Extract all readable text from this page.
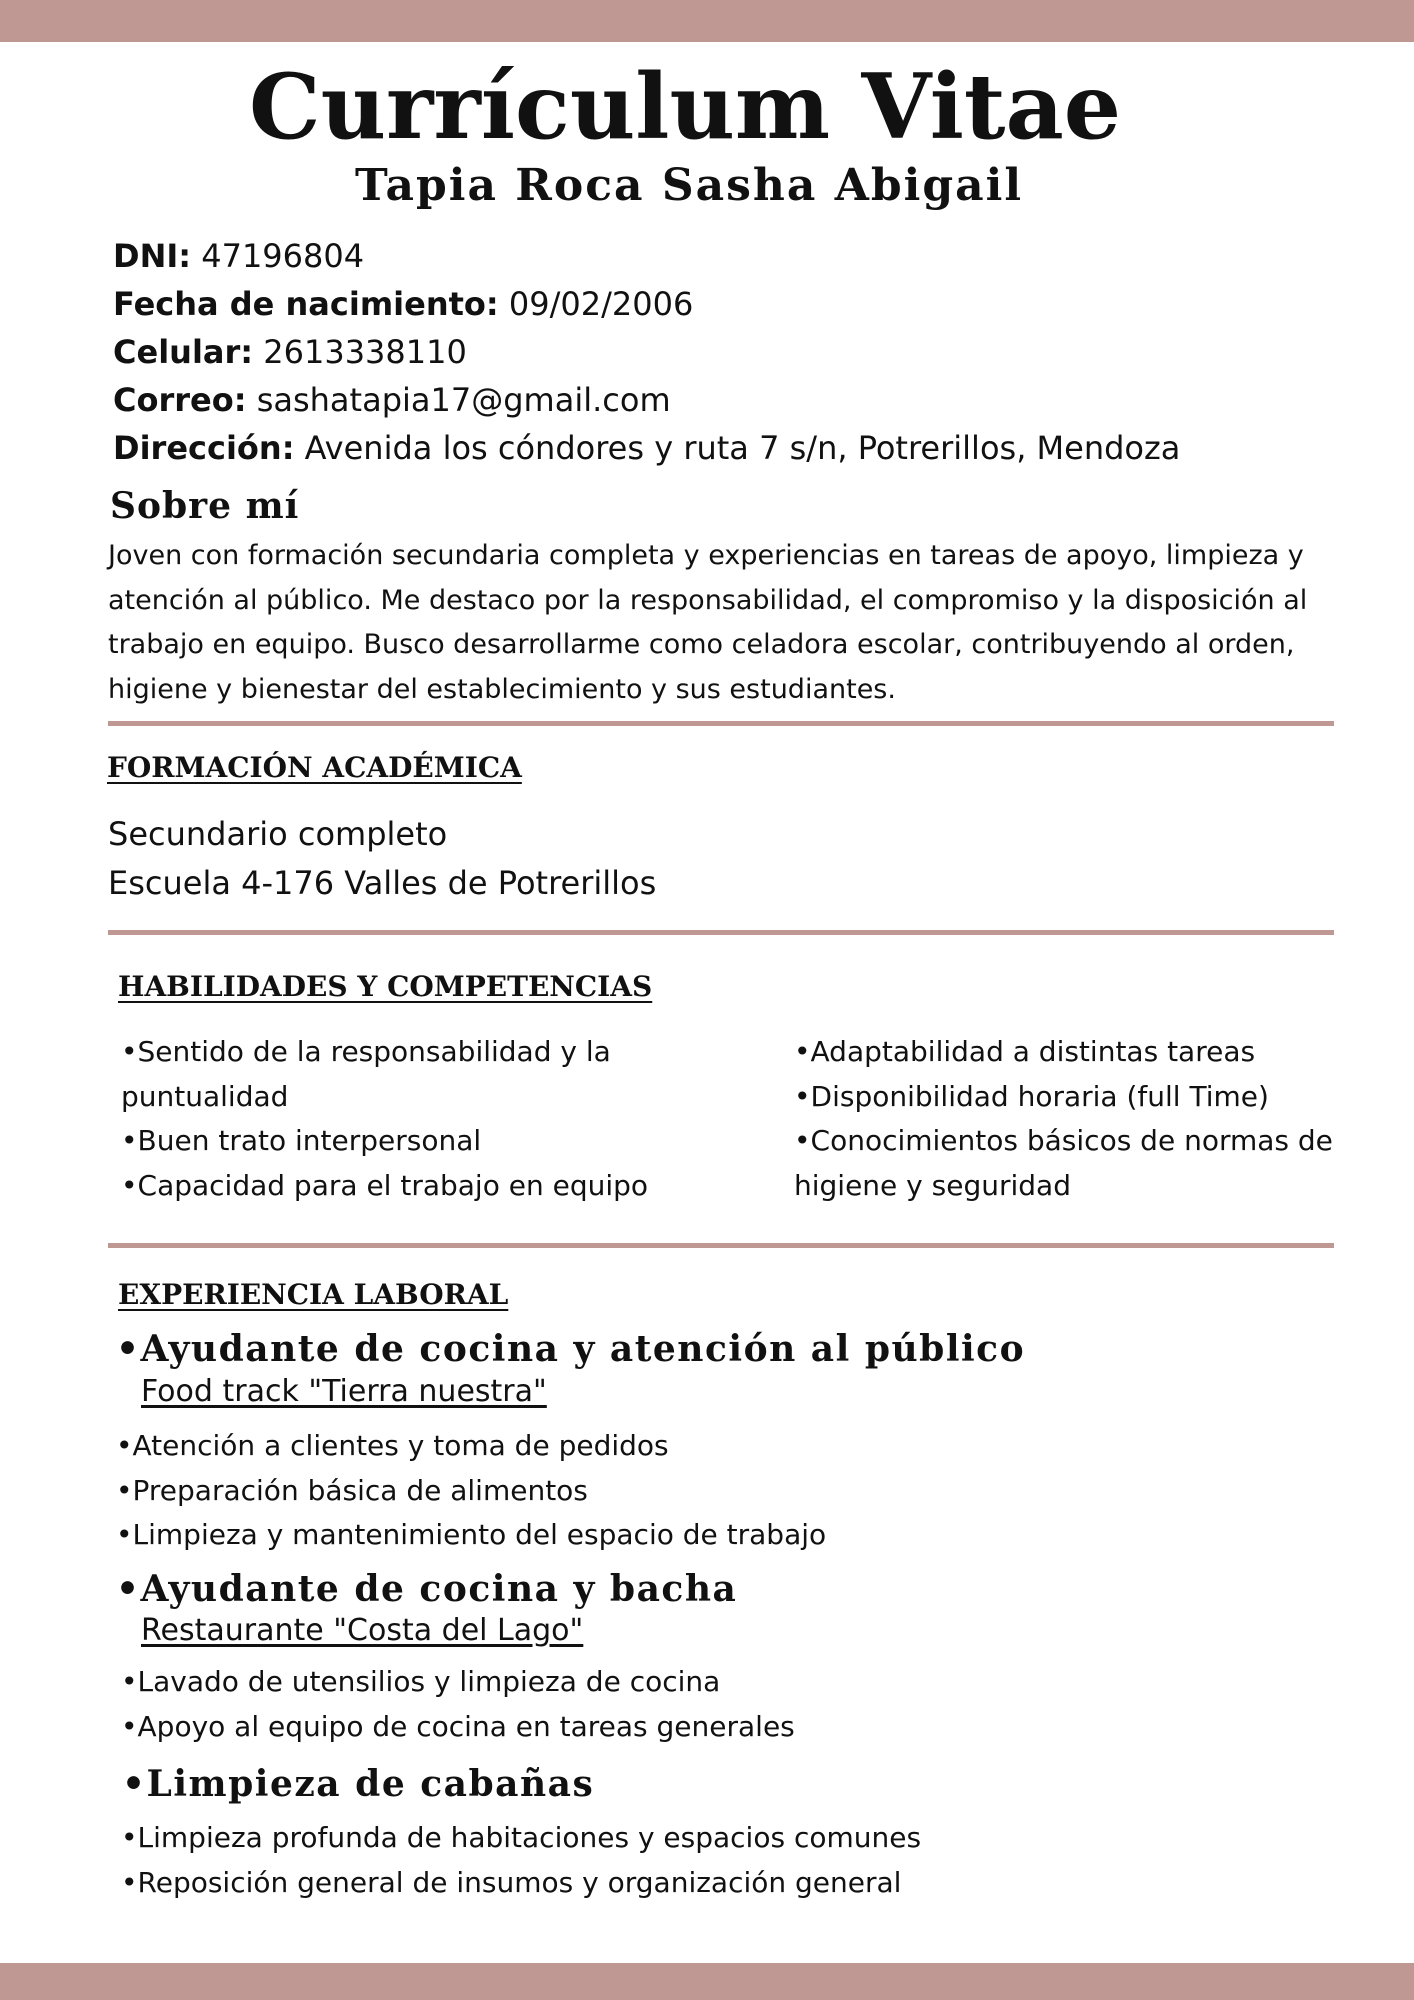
Currículum Vitae
Tapia Roca Sasha Abigail
DNI: 47196804
Fecha de nacimiento: 09/02/2006
Celular: 2613338110
Correo: sashatapia17@gmail.com
Dirección: Avenida los cóndores y ruta 7 s/n, Potrerillos, Mendoza
Sobre mí

Joven con formación secundaria completa y experiencias en tareas de apoyo, limpieza y atención al público. Me destaco por la responsabilidad, el compromiso y la disposición al trabajo en equipo. Busco desarrollarme como celadora escolar, contribuyendo al orden, higiene y bienestar del establecimiento y sus estudiantes.

FORMACIÓN ACADÉMICA
Secundario completo
Escuela 4-176 Valles de Potrerillos
HABILIDADES Y COMPETENCIAS
•Sentido de la responsabilidad y la puntualidad
•Buen trato interpersonal
•Capacidad para el trabajo en equipo
•Adaptabilidad a distintas tareas
•Disponibilidad horaria (full Time)
•Conocimientos básicos de normas de higiene y seguridad
EXPERIENCIA LABORAL
•Ayudante de cocina y atención al público
Food track "Tierra nuestra"
•Atención a clientes y toma de pedidos
•Preparación básica de alimentos
•Limpieza y mantenimiento del espacio de trabajo
•Ayudante de cocina y bacha
Restaurante "Costa del Lago"
•Lavado de utensilios y limpieza de cocina
•Apoyo al equipo de cocina en tareas generales
•Limpieza de cabañas
•Limpieza profunda de habitaciones y espacios comunes
•Reposición general de insumos y organización general
